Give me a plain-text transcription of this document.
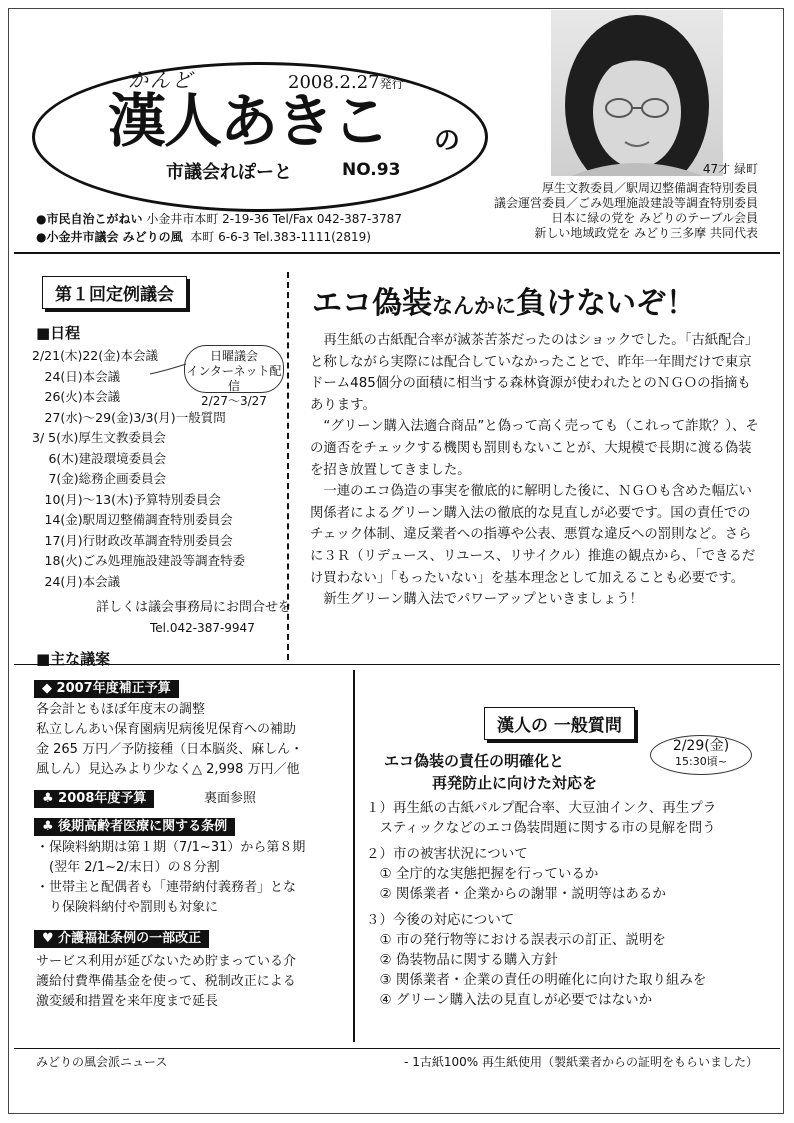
かんど	2008.2.27発行
漢人あきこ の
市議会れぽーと	NO.93
●市民自治こがねい 小金井市本町 2-19-36 Tel/Fax 042-387-3787
●小金井市議会 みどりの風 本町 6-6-3 Tel.383-1111(2819)
47才 緑町
厚生文教委員／駅周辺整備調査特別委員
議会運営委員／ごみ処理施設建設等調査特別委員
日本に緑の党を みどりのテーブル会員
新しい地域政党を みどり三多摩 共同代表
第１回定例議会
■日程
2/21(木)22(金)本会議
　24(日)本会議
　26(火)本会議
　27(水)～29(金)3/3(月)一般質問
3/ 5(水)厚生文教委員会
　 6(木)建設環境委員会
　 7(金)総務企画委員会
　10(月)～13(木)予算特別委員会
　14(金)駅周辺整備調査特別委員会
　17(月)行財政改革調査特別委員会
　18(火)ごみ処理施設建設等調査特委
　24(月)本会議
日曜議会
インターネット配信
2/27～3/27
詳しくは議会事務局にお問合せを
Tel.042-387-9947
■主な議案
◆ 2007年度補正予算
各会計ともほぼ年度末の調整
私立しんあい保育園病児病後児保育への補助
金 265 万円／予防接種（日本脳炎、麻しん・
風しん）見込みより少なく△ 2,998 万円／他
♣ 2008年度予算	裏面参照
♣ 後期高齢者医療に関する条例
・保険料納期は第１期（7/1~31）から第８期
　(翌年 2/1~2/末日）の８分割
・世帯主と配偶者も「連帯納付義務者」とな
　り保険料納付や罰則も対象に
♥ 介護福祉条例の一部改正
サービス利用が延びないため貯まっている介
護給付費準備基金を使って、税制改正による
激変緩和措置を来年度まで延長
エコ偽装なんかに負けないぞ！

再生紙の古紙配合率が滅茶苦茶だったのはショックでした。「古紙配合」と称しながら実際には配合していなかったことで、昨年一年間だけで東京ドーム485個分の面積に相当する森林資源が使われたとのＮＧＯの指摘もあります。

“グリーン購入法適合商品”と偽って高く売っても（これって詐欺？）、その適否をチェックする機関も罰則もないことが、大規模で長期に渡る偽装を招き放置してきました。

一連のエコ偽造の事実を徹底的に解明した後に、ＮＧＯも含めた幅広い関係者によるグリーン購入法の徹底的な見直しが必要です。国の責任でのチェック体制、違反業者への指導や公表、悪質な違反への罰則など。さらに３Ｒ（リデュース、リユース、リサイクル）推進の観点から、「できるだけ買わない」「もったいない」を基本理念として加えることも必要です。

新生グリーン購入法でパワーアップといきましょう！

漢人の 一般質問
2/29(金)
15:30頃~
エコ偽装の責任の明確化と
再発防止に向けた対応を
１）再生紙の古紙パルプ配合率、大豆油インク、再生プラ
　スティックなどのエコ偽装問題に関する市の見解を問う
２）市の被害状況について
　① 全庁的な実態把握を行っているか
　② 関係業者・企業からの謝罪・説明等はあるか
３）今後の対応について
　① 市の発行物等における誤表示の訂正、説明を
　② 偽装物品に関する購入方針
　③ 関係業者・企業の責任の明確化に向けた取り組みを
　④ グリーン購入法の見直しが必要ではないか
みどりの風会派ニュース	- 1古紙100% 再生紙使用（製紙業者からの証明をもらいました）
